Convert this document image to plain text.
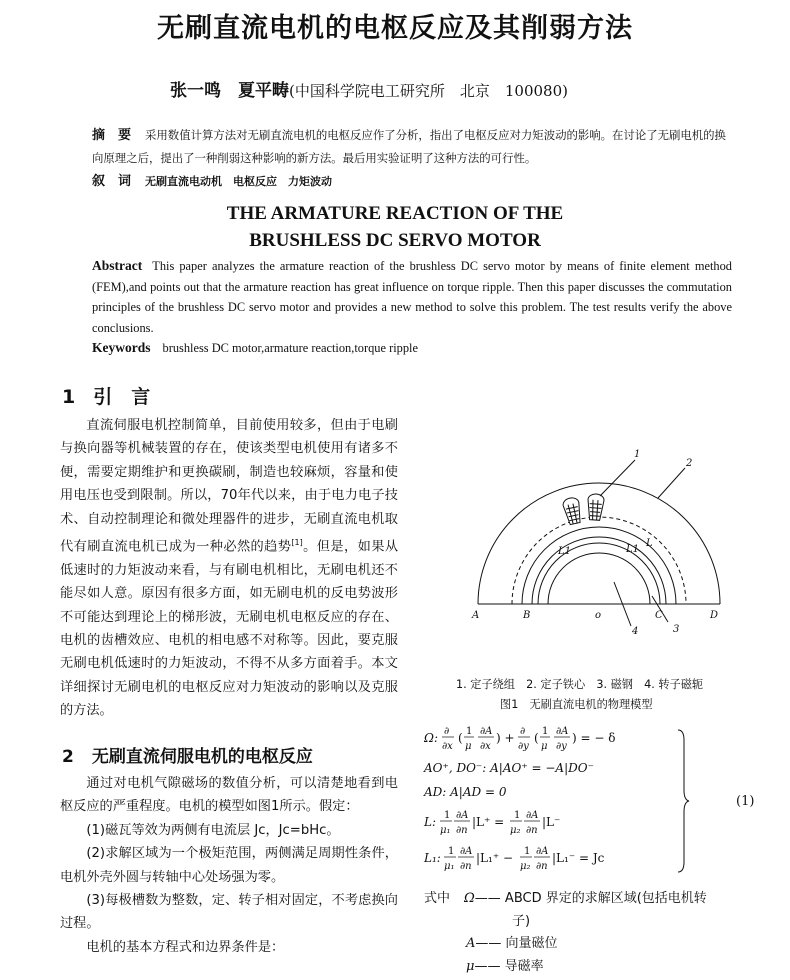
无刷直流电机的电枢反应及其削弱方法
张一鸣　夏平畴(中国科学院电工研究所　北京　100080)
摘　要 采用数值计算方法对无刷直流电机的电枢反应作了分析，指出了电枢反应对力矩波动的影响。在讨论了无刷电机的换向原理之后，提出了一种削弱这种影响的新方法。最后用实验证明了这种方法的可行性。
叙　词 无刷直流电动机　电枢反应　力矩波动
THE ARMATURE REACTION OF THE
BRUSHLESS DC SERVO MOTOR
Abstract This paper analyzes the armature reaction of the brushless DC servo motor by means of finite element method (FEM),and points out that the armature reaction has great influence on torque ripple. Then this paper discusses the commutation principles of the brushless DC servo motor and provides a new method to solve this problem. The test results verify the above conclusions.
Keywords brushless DC motor,armature reaction,torque ripple
1 引　言

直流伺服电机控制简单，目前使用较多，但由于电刷与换向器等机械装置的存在，使该类型电机使用有诸多不便，需要定期维护和更换碳刷，制造也较麻烦，容量和使用电压也受到限制。所以，70年代以来，由于电力电子技术、自动控制理论和微处理器件的进步，无刷直流电机取代有刷直流电机已成为一种必然的趋势[1]。但是，如果从低速时的力矩波动来看，与有刷电机相比，无刷电机还不能尽如人意。原因有很多方面，如无刷电机的反电势波形不可能达到理论上的梯形波，无刷电机电枢反应的存在、电机的齿槽效应、电机的相电感不对称等。因此，要克服无刷电机低速时的力矩波动，不得不从多方面着手。本文详细探讨无刷电机的电枢反应对力矩波动的影响以及克服的方法。

2 无刷直流伺服电机的电枢反应

通过对电机气隙磁场的数值分析，可以清楚地看到电枢反应的严重程度。电机的模型如图1所示。假定：

(1)磁瓦等效为两侧有电流层 Jc，Jc=bHc。

(2)求解区域为一个极矩范围，两侧满足周期性条件，电机外壳外圆与转轴中心处场强为零。

(3)每极槽数为整数，定、转子相对固定，不考虑换向过程。

电机的基本方程式和边界条件是：

1
2
3
4
A	B	o	C	D
L
L1	L1
1. 定子绕组　2. 定子铁心　3. 磁钢　4. 转子磁轭
图1　无刷直流电机的物理模型
Ω: ∂
∂x
( 1
μ
∂A
∂x
) + ∂
∂y
( 1
μ
∂A
∂y
) = − δ
AO⁺, DO⁻: A|AO⁺ = −A|DO⁻
AD: A|AD = 0
L: 1
μ₁
∂A
∂n
|L⁺ = 1
μ₂
∂A
∂n
|L⁻
L₁: 1
μ₁
∂A
∂n
|L₁⁺ − 1
μ₂
∂A
∂n
|L₁⁻ = Jc
(1)
式中 Ω—— ABCD 界定的求解区域(包括电机转
子)
A—— 向量磁位
μ—— 导磁率
